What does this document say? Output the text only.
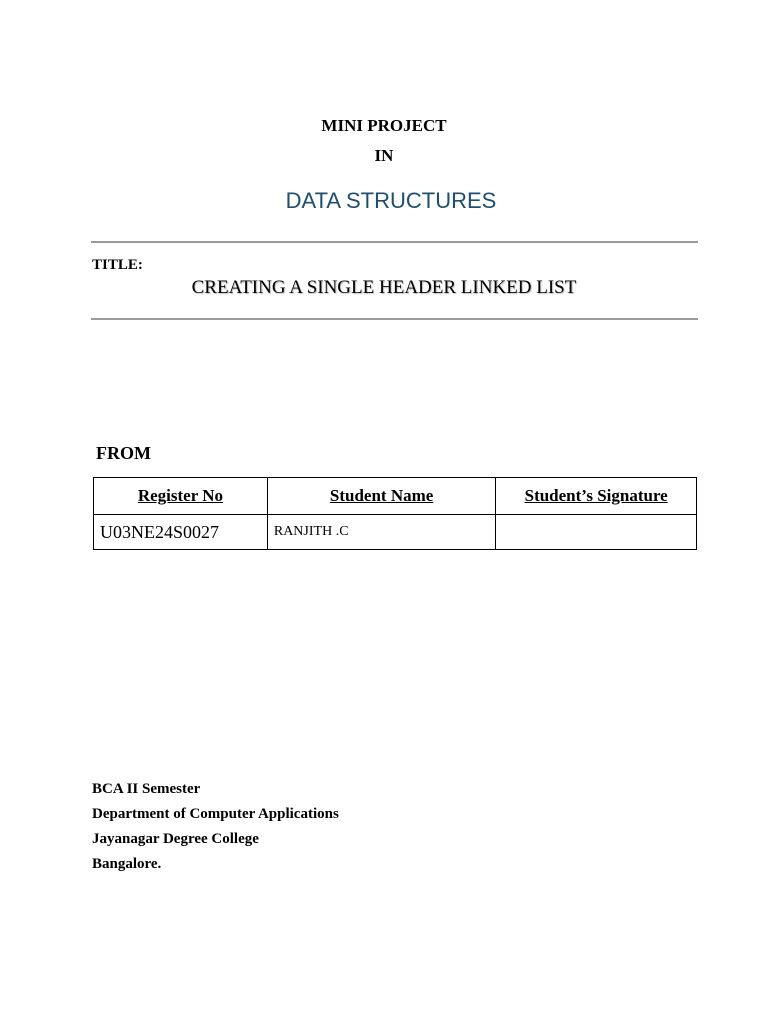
MINI PROJECT
IN
DATA STRUCTURES
TITLE:
CREATING A SINGLE HEADER LINKED LIST
FROM
Register No	Student Name	Student’s Signature
U03NE24S0027	RANJITH .C	
BCA II Semester
Department of Computer Applications
Jayanagar Degree College
Bangalore.
